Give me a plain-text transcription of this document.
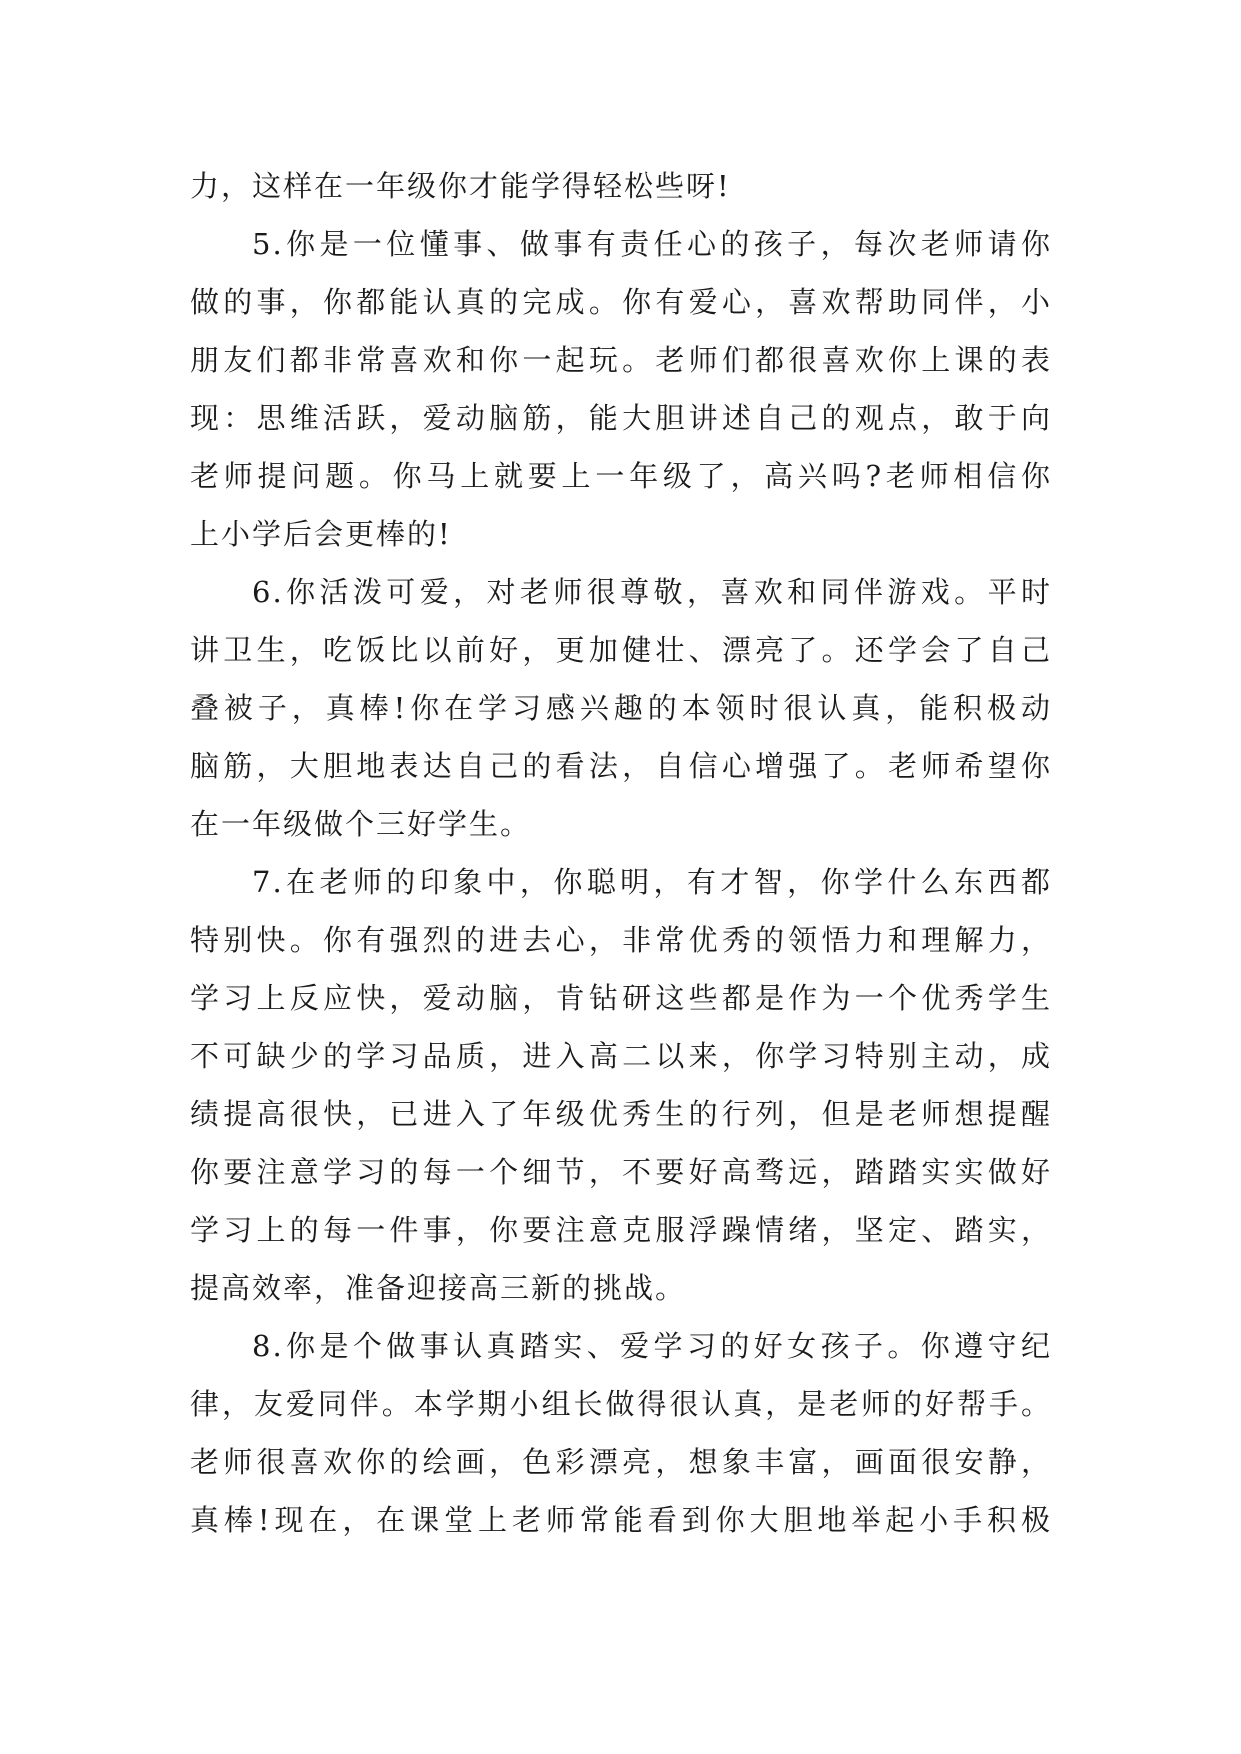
力，这样在一年级你才能学得轻松些呀!
5.你是一位懂事、做事有责任心的孩子，每次老师请你
做的事，你都能认真的完成。你有爱心，喜欢帮助同伴，小
朋友们都非常喜欢和你一起玩。老师们都很喜欢你上课的表
现：思维活跃，爱动脑筋，能大胆讲述自己的观点，敢于向
老师提问题。你马上就要上一年级了，高兴吗?老师相信你
上小学后会更棒的!
6.你活泼可爱，对老师很尊敬，喜欢和同伴游戏。平时
讲卫生，吃饭比以前好，更加健壮、漂亮了。还学会了自己
叠被子，真棒!你在学习感兴趣的本领时很认真，能积极动
脑筋，大胆地表达自己的看法，自信心增强了。老师希望你
在一年级做个三好学生。
7.在老师的印象中，你聪明，有才智，你学什么东西都
特别快。你有强烈的进去心，非常优秀的领悟力和理解力，
学习上反应快，爱动脑，肯钻研这些都是作为一个优秀学生
不可缺少的学习品质，进入高二以来，你学习特别主动，成
绩提高很快，已进入了年级优秀生的行列，但是老师想提醒
你要注意学习的每一个细节，不要好高骛远，踏踏实实做好
学习上的每一件事，你要注意克服浮躁情绪，坚定、踏实，
提高效率，准备迎接高三新的挑战。
8.你是个做事认真踏实、爱学习的好女孩子。你遵守纪
律，友爱同伴。本学期小组长做得很认真，是老师的好帮手。
老师很喜欢你的绘画，色彩漂亮，想象丰富，画面很安静，
真棒!现在，在课堂上老师常能看到你大胆地举起小手积极
